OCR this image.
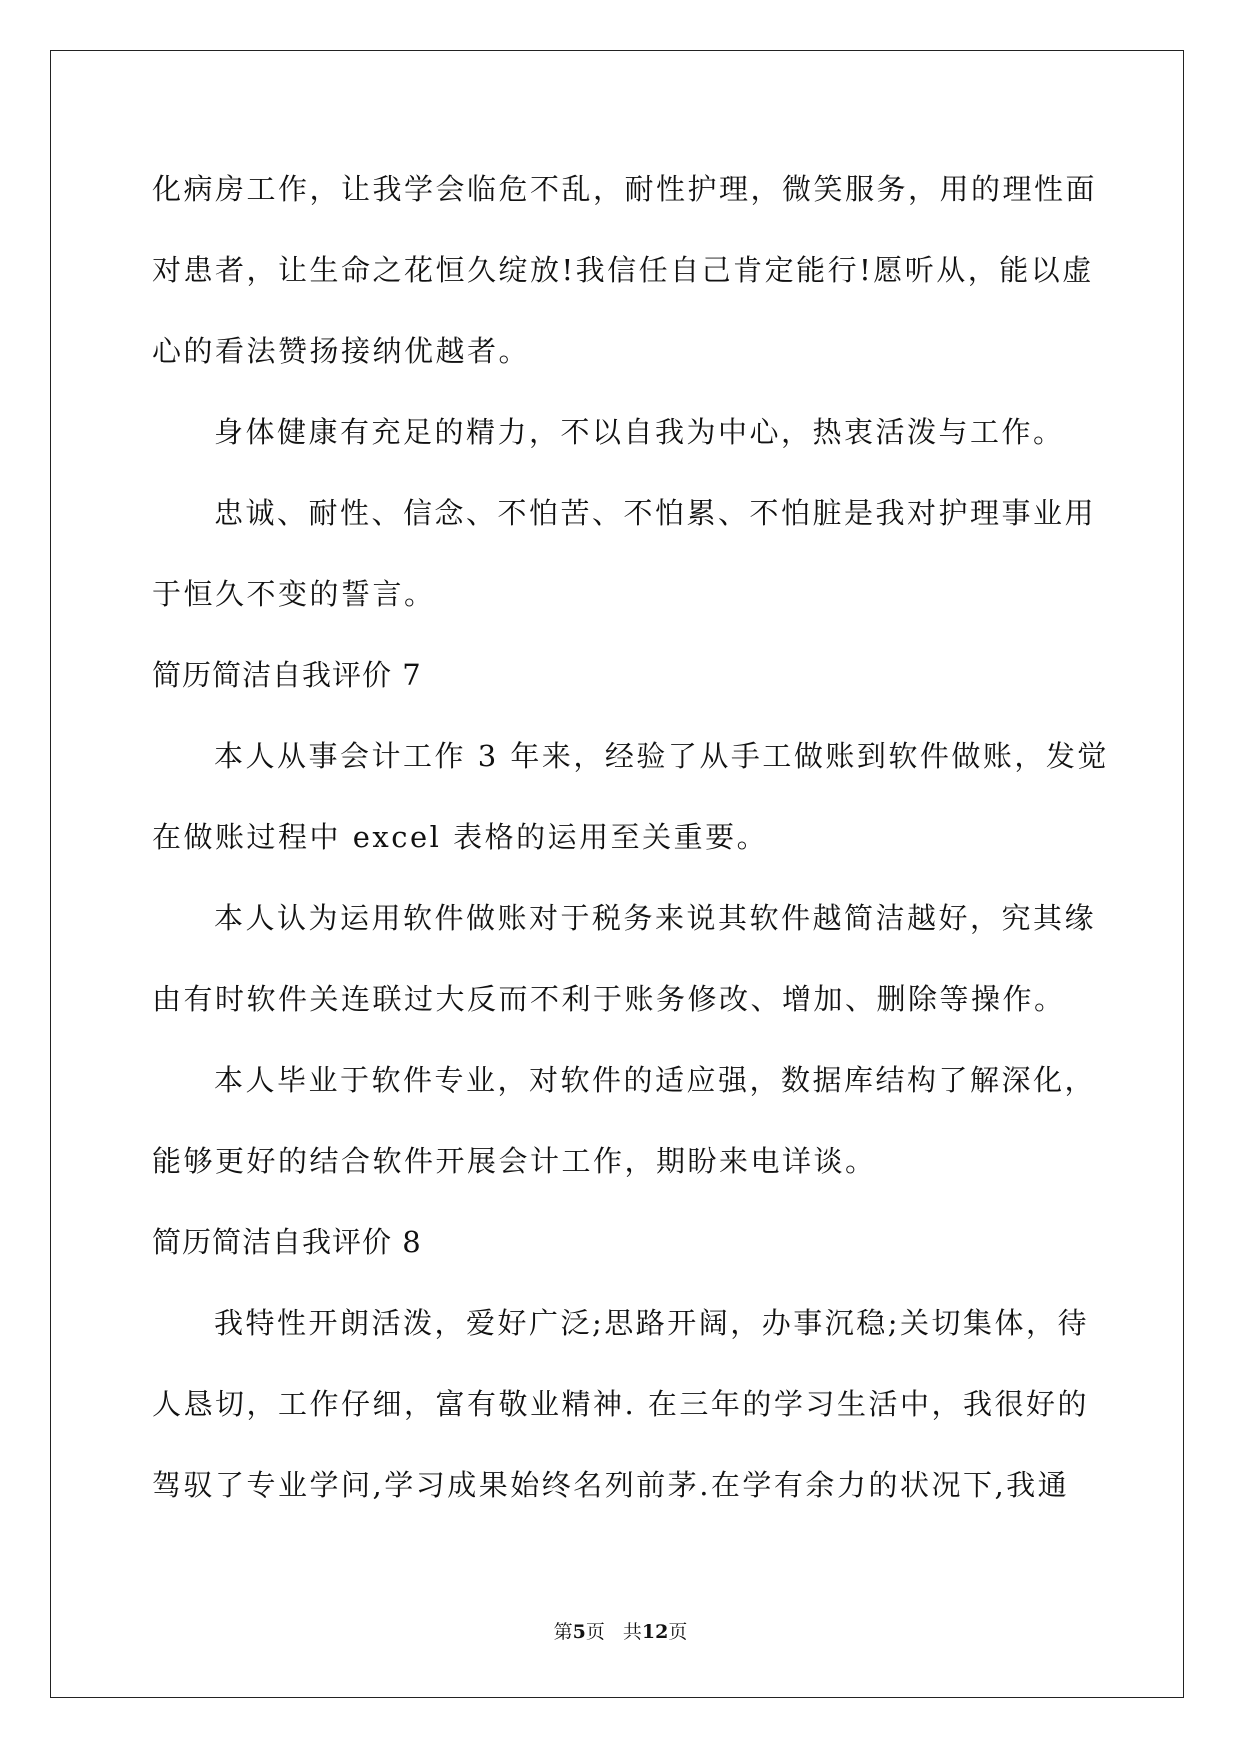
化病房工作，让我学会临危不乱，耐性护理，微笑服务，用的理性面
对患者，让生命之花恒久绽放!我信任自己肯定能行!愿听从，能以虚
心的看法赞扬接纳优越者。
身体健康有充足的精力，不以自我为中心，热衷活泼与工作。
忠诚、耐性、信念、不怕苦、不怕累、不怕脏是我对护理事业用
于恒久不变的誓言。
简历简洁自我评价 7
本人从事会计工作 3 年来，经验了从手工做账到软件做账，发觉
在做账过程中 excel 表格的运用至关重要。
本人认为运用软件做账对于税务来说其软件越简洁越好，究其缘
由有时软件关连联过大反而不利于账务修改、增加、删除等操作。
本人毕业于软件专业，对软件的适应强，数据库结构了解深化，
能够更好的结合软件开展会计工作，期盼来电详谈。
简历简洁自我评价 8
我特性开朗活泼，爱好广泛;思路开阔，办事沉稳;关切集体，待
人恳切，工作仔细，富有敬业精神. 在三年的学习生活中，我很好的
驾驭了专业学问,学习成果始终名列前茅.在学有余力的状况下,我通
第5页 共12页
